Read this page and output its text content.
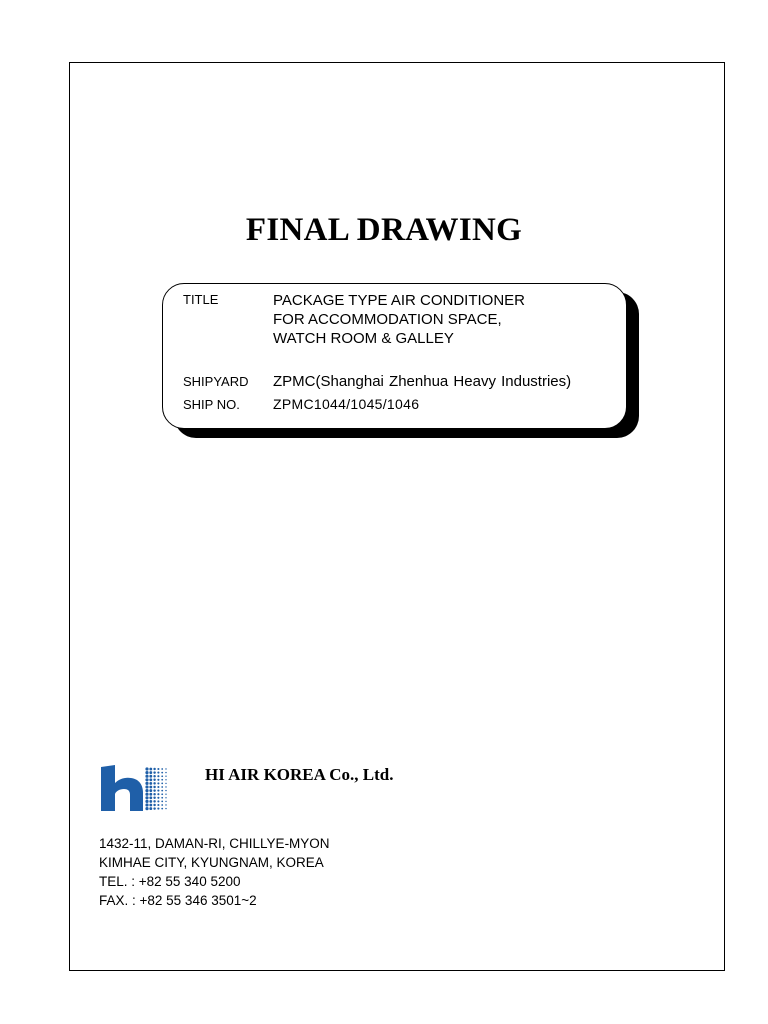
FINAL DRAWING
TITLE	PACKAGE TYPE AIR CONDITIONER
FOR ACCOMMODATION SPACE,
WATCH ROOM & GALLEY
SHIPYARD ZPMC(Shanghai Zhenhua Heavy Industries)
SHIP NO. ZPMC1044/1045/1046
HI AIR KOREA Co., Ltd.
1432-11, DAMAN-RI, CHILLYE-MYON
KIMHAE CITY, KYUNGNAM, KOREA
TEL. : +82 55 340 5200
FAX. : +82 55 346 3501~2
